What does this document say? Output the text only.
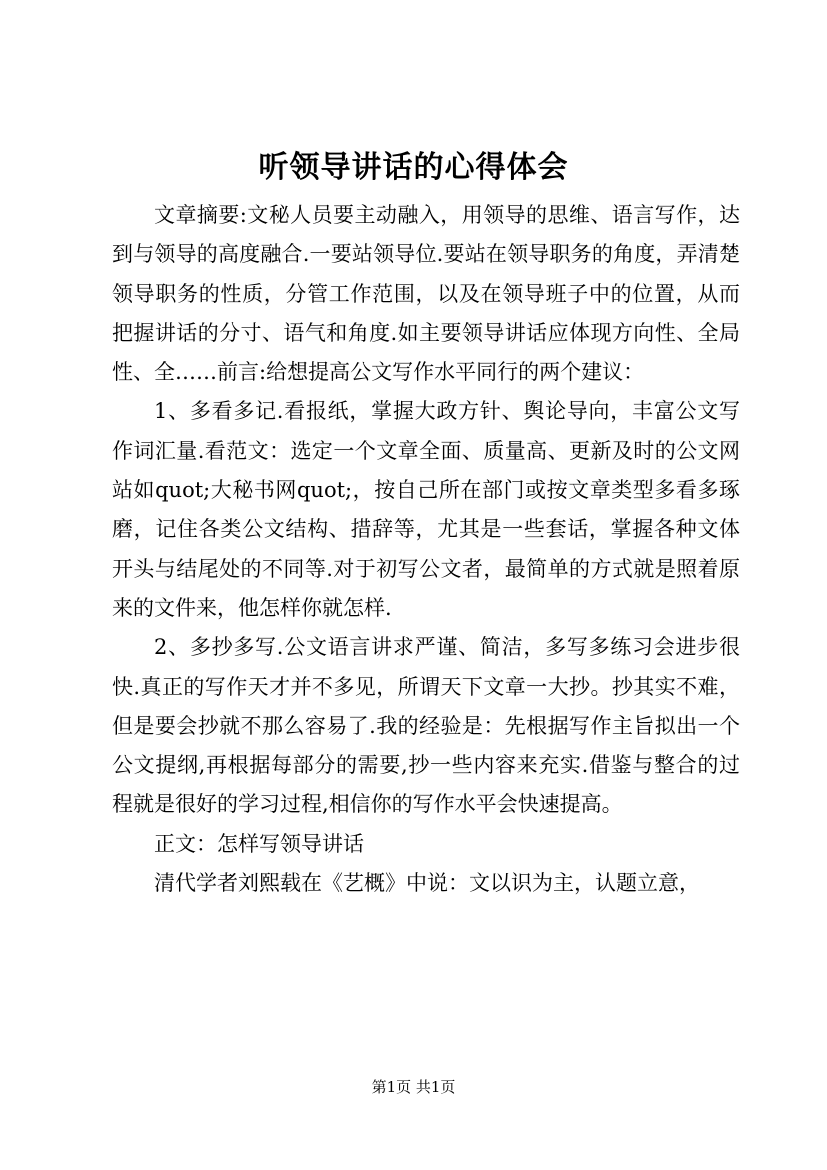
听领导讲话的心得体会

文章摘要:文秘人员要主动融入，用领导的思维、语言写作，达到与领导的高度融合.一要站领导位.要站在领导职务的角度，弄清楚领导职务的性质，分管工作范围，以及在领导班子中的位置，从而把握讲话的分寸、语气和角度.如主要领导讲话应体现方向性、全局性、全……前言:给想提高公文写作水平同行的两个建议：

1、多看多记.看报纸，掌握大政方针、舆论导向，丰富公文写作词汇量.看范文：选定一个文章全面、质量高、更新及时的公文网站如quot;大秘书网quot;，按自己所在部门或按文章类型多看多琢磨，记住各类公文结构、措辞等，尤其是一些套话，掌握各种文体开头与结尾处的不同等.对于初写公文者，最简单的方式就是照着原来的文件来，他怎样你就怎样.

2、多抄多写.公文语言讲求严谨、简洁，多写多练习会进步很快.真正的写作天才并不多见，所谓天下文章一大抄。抄其实不难，但是要会抄就不那么容易了.我的经验是：先根据写作主旨拟出一个公文提纲,再根据每部分的需要,抄一些内容来充实.借鉴与整合的过程就是很好的学习过程,相信你的写作水平会快速提高。

正文：怎样写领导讲话

清代学者刘熙载在《艺概》中说：文以识为主，认题立意，

第1页 共1页
